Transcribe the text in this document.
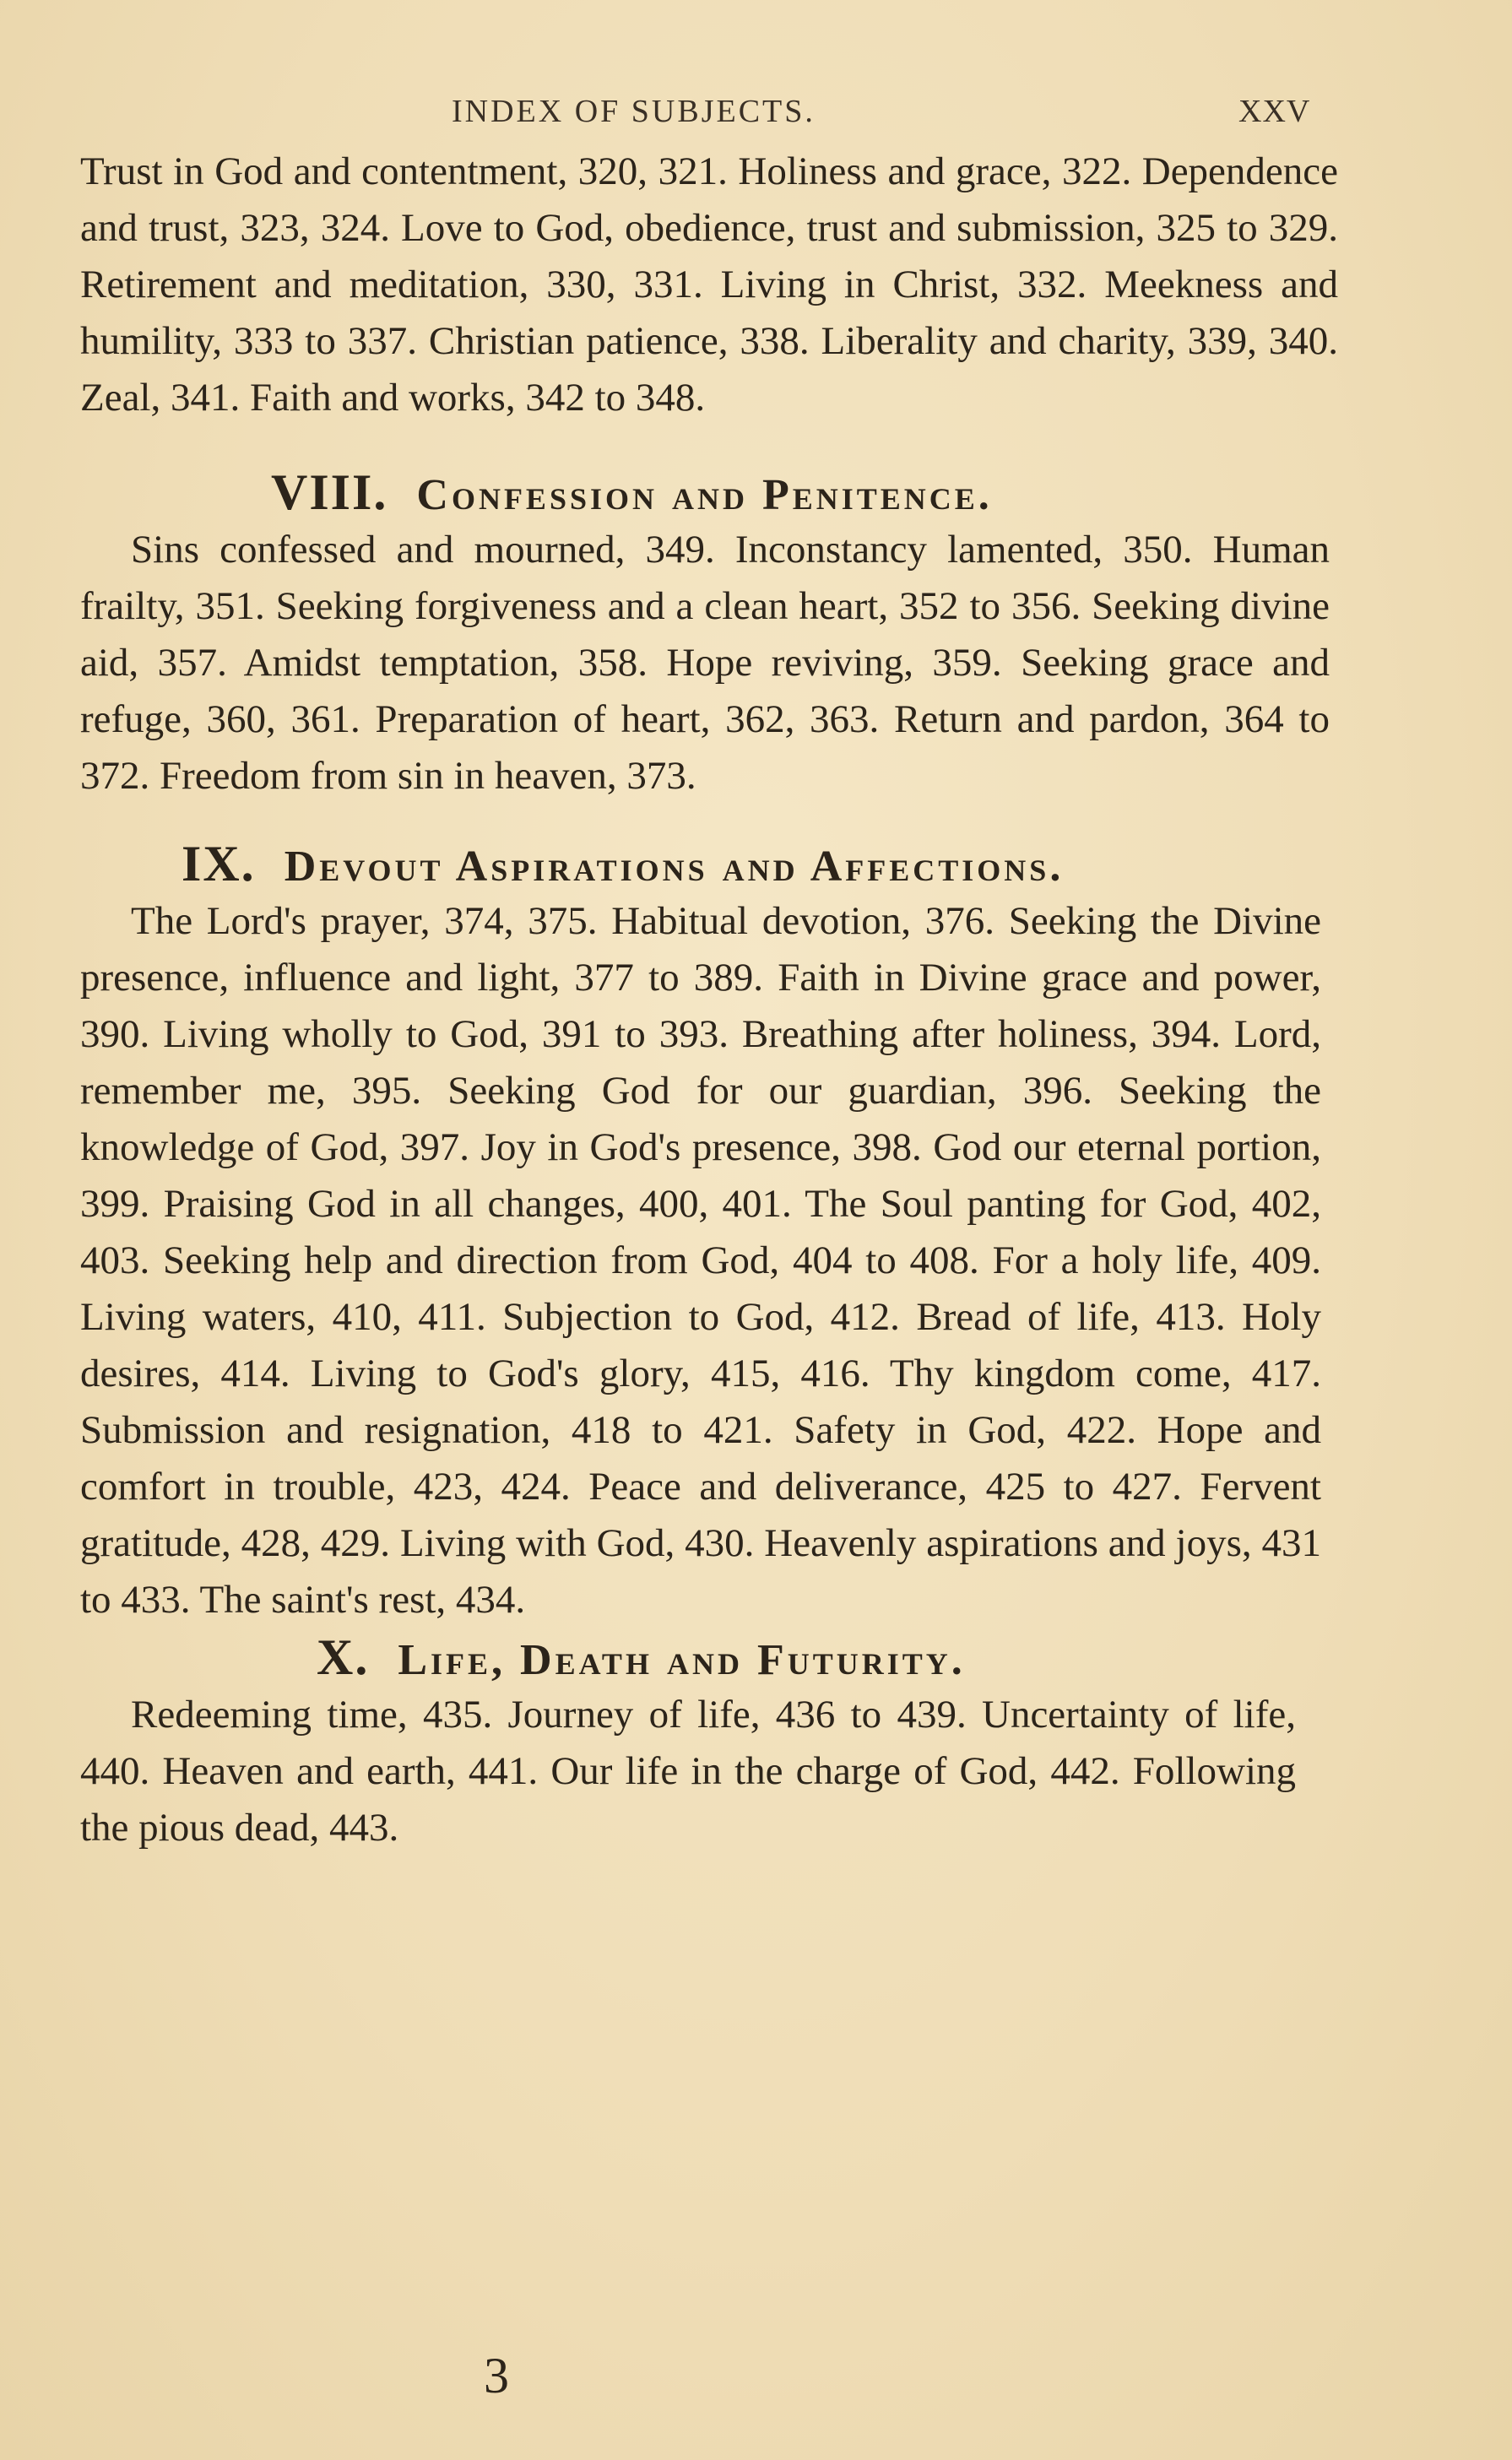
INDEX OF SUBJECTS.	XXV

Trust in God and contentment, 320, 321. Holiness and grace, 322. Dependence and trust, 323, 324. Love to God, obedience, trust and submission, 325 to 329. Retirement and meditation, 330, 331. Living in Christ, 332. Meekness and humility, 333 to 337. Christian patience, 338. Liberality and charity, 339, 340. Zeal, 341. Faith and works, 342 to 348.

VIII. Confession and Penitence.

Sins confessed and mourned, 349. Inconstancy lamented, 350. Human frailty, 351. Seeking forgiveness and a clean heart, 352 to 356. Seeking divine aid, 357. Amidst temptation, 358. Hope reviving, 359. Seeking grace and refuge, 360, 361. Preparation of heart, 362, 363. Return and pardon, 364 to 372. Freedom from sin in heaven, 373.

IX. Devout Aspirations and Affections.

The Lord's prayer, 374, 375. Habitual devotion, 376. Seeking the Divine presence, influence and light, 377 to 389. Faith in Divine grace and power, 390. Living wholly to God, 391 to 393. Breathing after holiness, 394. Lord, remember me, 395. Seeking God for our guardian, 396. Seeking the knowledge of God, 397. Joy in God's presence, 398. God our eternal portion, 399. Praising God in all changes, 400, 401. The Soul panting for God, 402, 403. Seeking help and direction from God, 404 to 408. For a holy life, 409. Living waters, 410, 411. Subjection to God, 412. Bread of life, 413. Holy desires, 414. Living to God's glory, 415, 416. Thy kingdom come, 417. Submission and resignation, 418 to 421. Safety in God, 422. Hope and comfort in trouble, 423, 424. Peace and deliverance, 425 to 427. Fervent gratitude, 428, 429. Living with God, 430. Heavenly aspirations and joys, 431 to 433. The saint's rest, 434.

X. Life, Death and Futurity.

Redeeming time, 435. Journey of life, 436 to 439. Uncertainty of life, 440. Heaven and earth, 441. Our life in the charge of God, 442. Following the pious dead, 443.

3
